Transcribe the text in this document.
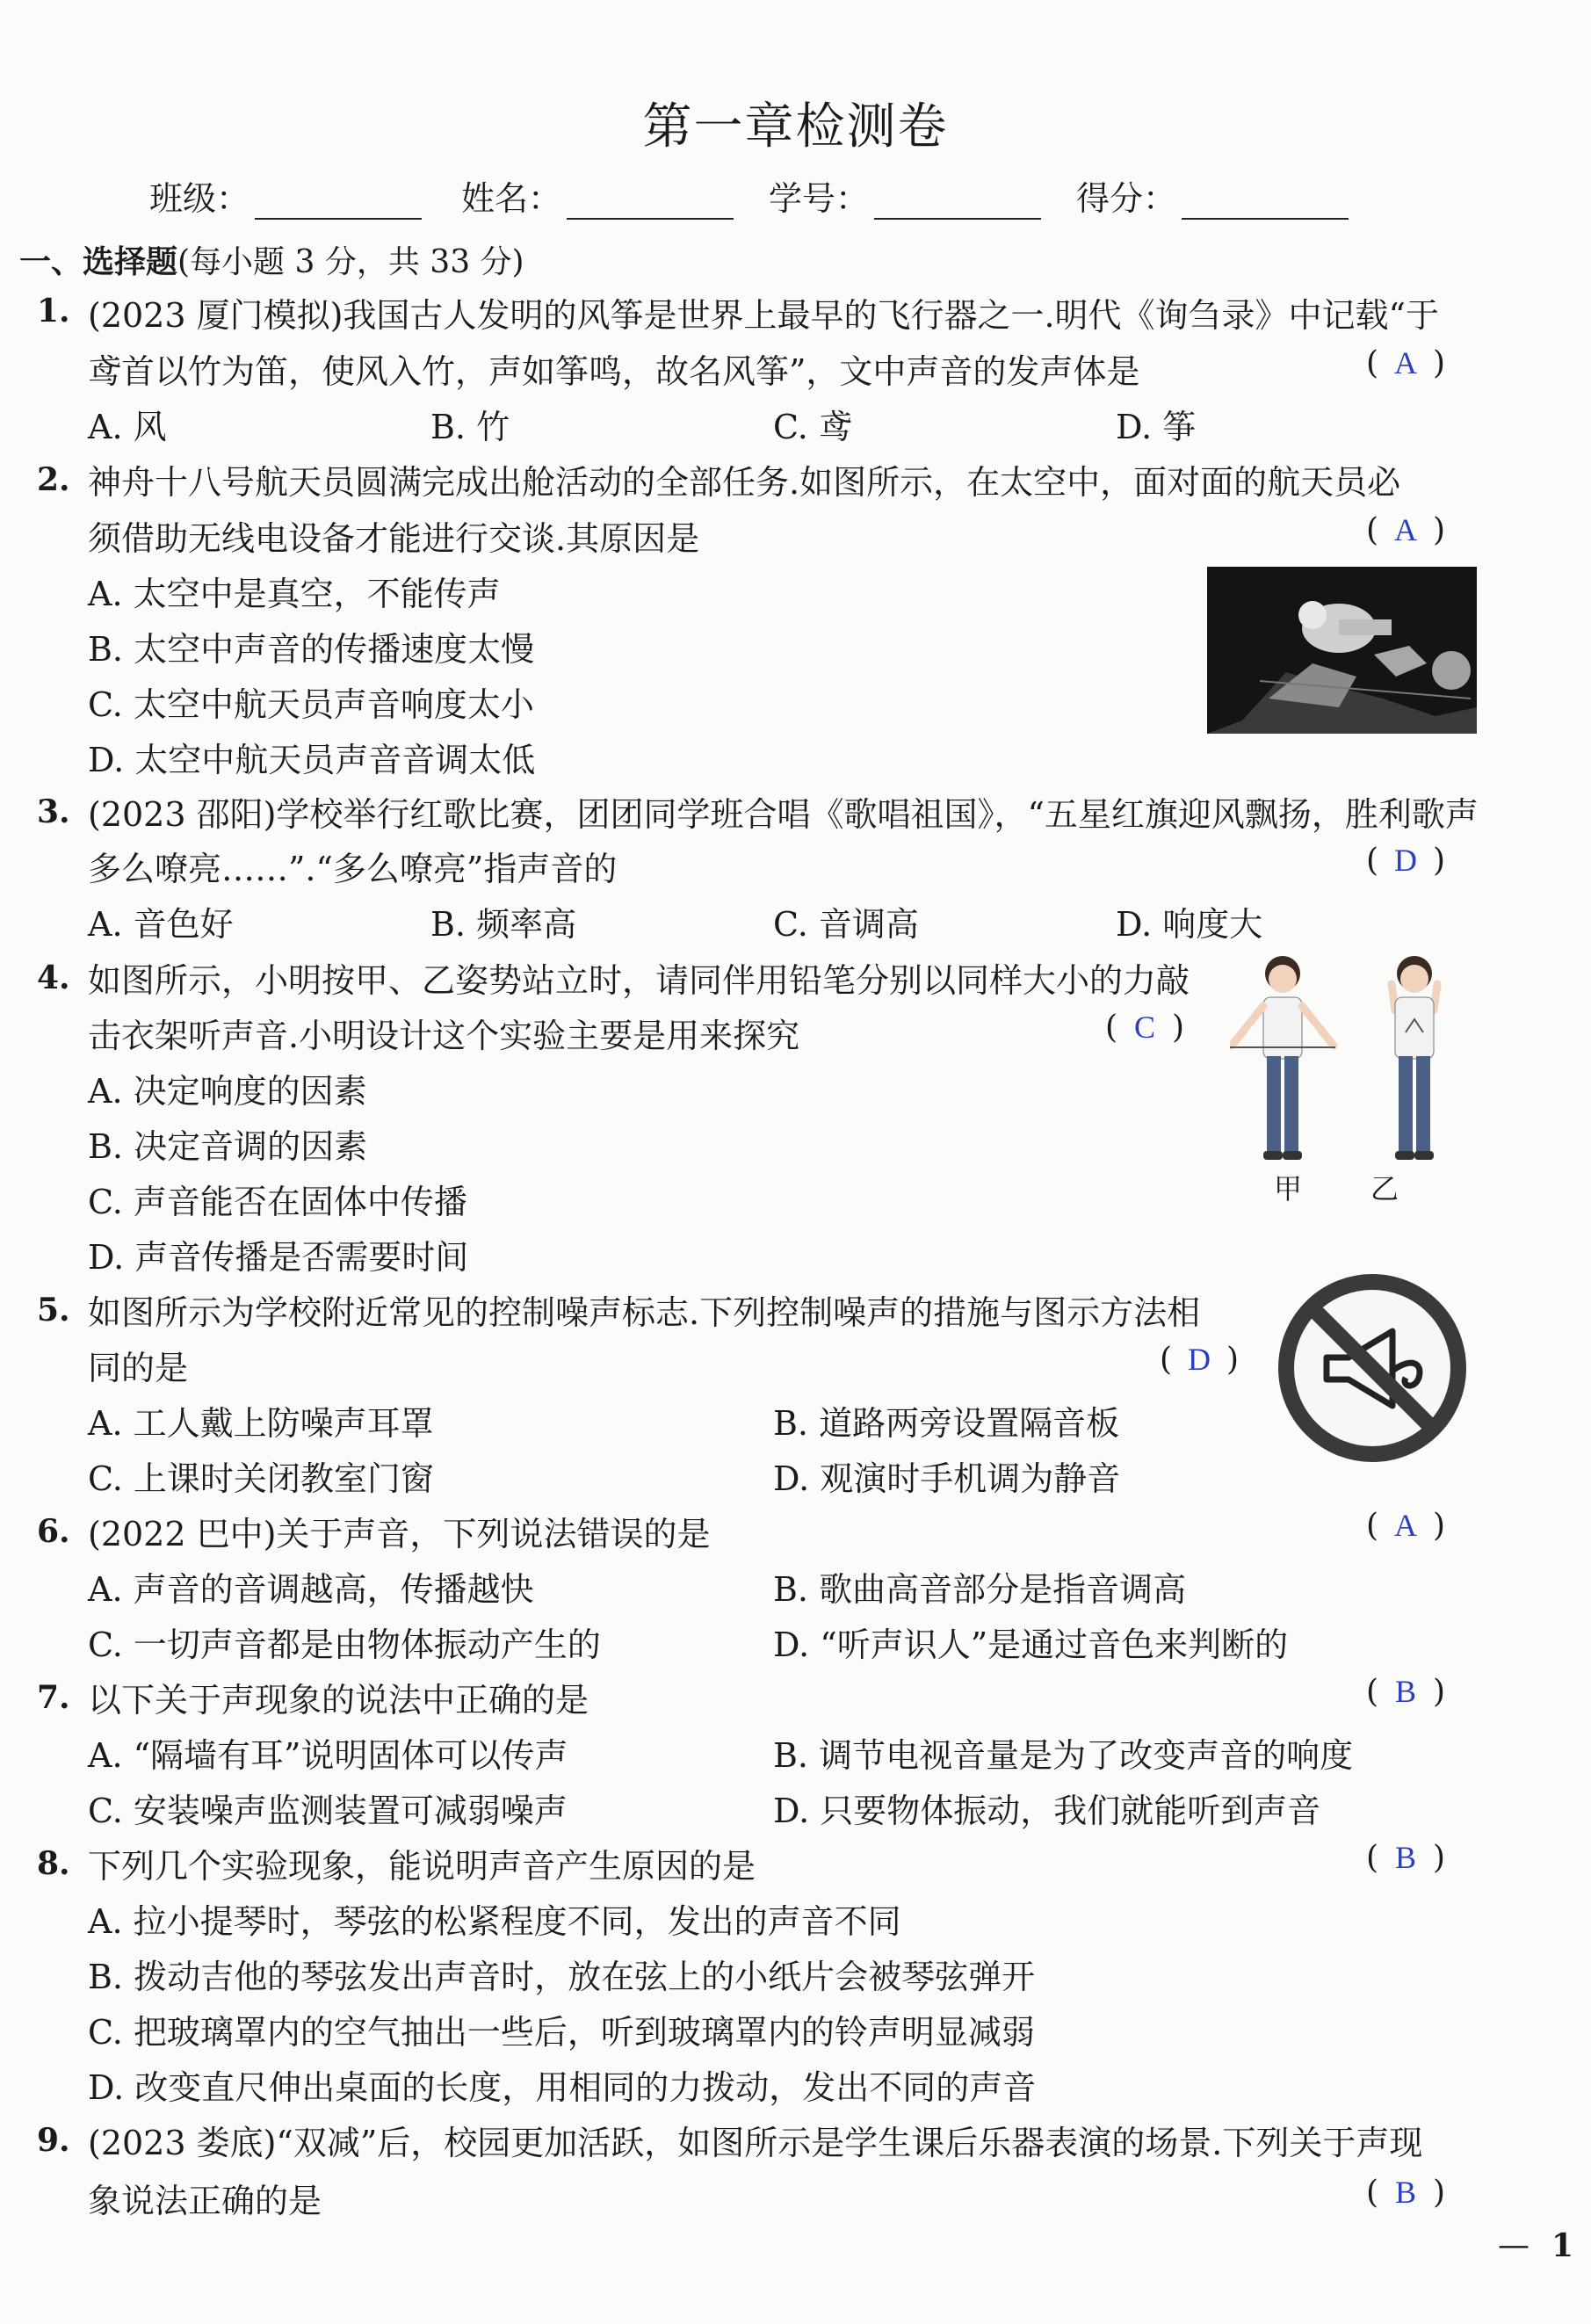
第一章检测卷
班级：	姓名：	学号：	得分：
一、选择题(每小题 3 分，共 33 分)
1. (2023 厦门模拟)我国古人发明的风筝是世界上最早的飞行器之一.明代《询刍录》中记载“于
鸢首以竹为笛，使风入竹，声如筝鸣，故名风筝”，文中声音的发声体是	( A )
A. 风	B. 竹	C. 鸢	D. 筝
2. 神舟十八号航天员圆满完成出舱活动的全部任务.如图所示，在太空中，面对面的航天员必
须借助无线电设备才能进行交谈.其原因是	( A )
A. 太空中是真空，不能传声
B. 太空中声音的传播速度太慢
C. 太空中航天员声音响度太小
D. 太空中航天员声音音调太低
3. (2023 邵阳)学校举行红歌比赛，团团同学班合唱《歌唱祖国》，“五星红旗迎风飘扬，胜利歌声
多么嘹亮……”.“多么嘹亮”指声音的	( D )
A. 音色好	B. 频率高	C. 音调高	D. 响度大
4. 如图所示，小明按甲、乙姿势站立时，请同伴用铅笔分别以同样大小的力敲
击衣架听声音.小明设计这个实验主要是用来探究	( C )
A. 决定响度的因素
B. 决定音调的因素
C. 声音能否在固体中传播
D. 声音传播是否需要时间
甲 乙
5. 如图所示为学校附近常见的控制噪声标志.下列控制噪声的措施与图示方法相
同的是	( D )
A. 工人戴上防噪声耳罩	B. 道路两旁设置隔音板
C. 上课时关闭教室门窗	D. 观演时手机调为静音
6. (2022 巴中)关于声音，下列说法错误的是	( A )
A. 声音的音调越高，传播越快	B. 歌曲高音部分是指音调高
C. 一切声音都是由物体振动产生的	D. “听声识人”是通过音色来判断的
7. 以下关于声现象的说法中正确的是	( B )
A. “隔墙有耳”说明固体可以传声	B. 调节电视音量是为了改变声音的响度
C. 安装噪声监测装置可减弱噪声	D. 只要物体振动，我们就能听到声音
8. 下列几个实验现象，能说明声音产生原因的是	( B )
A. 拉小提琴时，琴弦的松紧程度不同，发出的声音不同
B. 拨动吉他的琴弦发出声音时，放在弦上的小纸片会被琴弦弹开
C. 把玻璃罩内的空气抽出一些后，听到玻璃罩内的铃声明显减弱
D. 改变直尺伸出桌面的长度，用相同的力拨动，发出不同的声音
9. (2023 娄底)“双减”后，校园更加活跃，如图所示是学生课后乐器表演的场景.下列关于声现
象说法正确的是	( B )
— 1
